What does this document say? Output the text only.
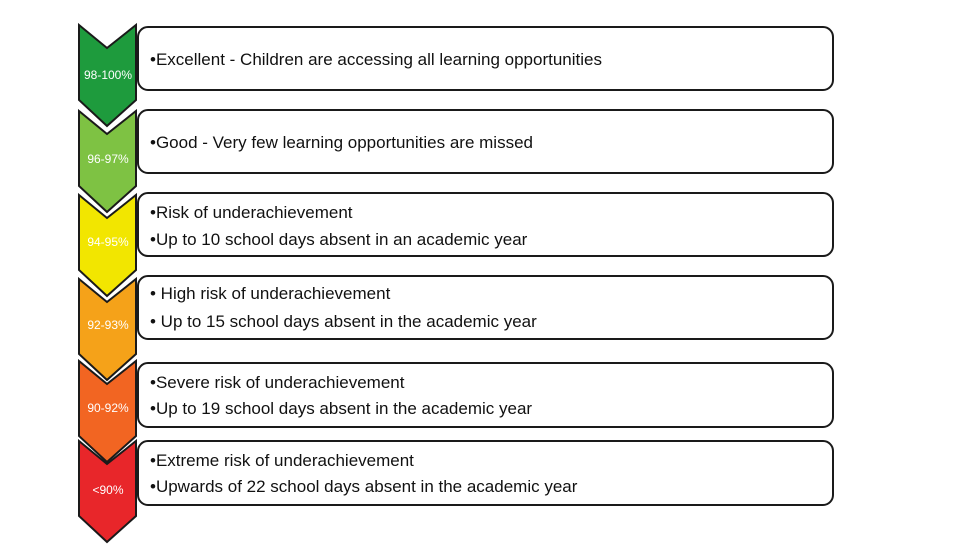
98-100%
•Excellent - Children are accessing all learning opportunities
96-97%
•Good - Very few learning opportunities are missed
94-95%
•Risk of underachievement
•Up to 10 school days absent in an academic year
92-93%
• High risk of underachievement
• Up to 15 school days absent in the academic year
90-92%
•Severe risk of underachievement
•Up to 19 school days absent in the academic year
<90%
•Extreme risk of underachievement
•Upwards of 22 school days absent in the academic year
